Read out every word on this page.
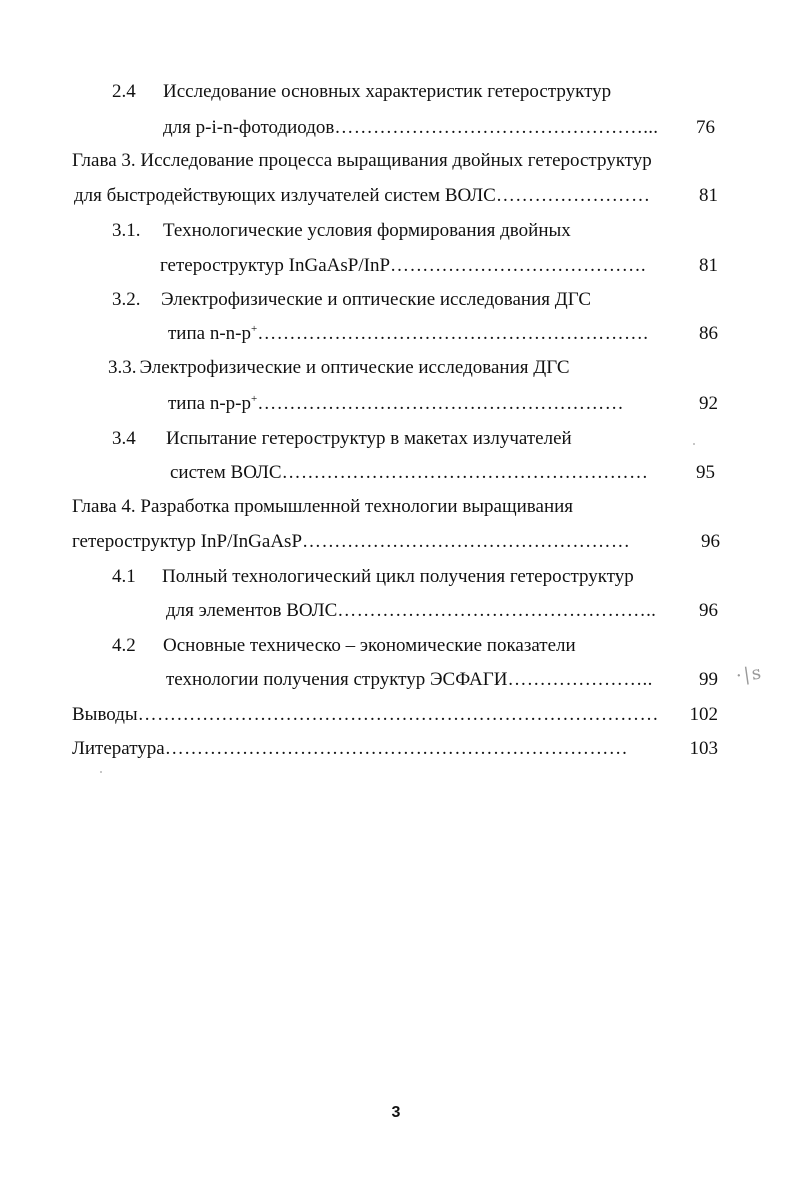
2.4 Исследование основных характеристик гетероструктур
для p-i-n-фотодиодов…………………………………………...	76
Глава 3. Исследование процесса выращивания двойных гетероструктур
для быстродействующих излучателей систем ВОЛС……………………	81
3.1. Технологические условия формирования двойных
гетероструктур InGaAsP/InP………………………………….	81
3.2. Электрофизические и оптические исследования ДГС
типа n-n-p+…………………………………………………….	86
3.3. Электрофизические и оптические исследования ДГС
типа n-p-p+…………………………………………………	92
3.4 Испытание гетероструктур в макетах излучателей
систем ВОЛС…………………………………………………	95
Глава 4. Разработка промышленной технологии выращивания
гетероструктур InP/InGaAsP……………………………………………	96
4.1 Полный технологический цикл получения гетероструктур
для элементов ВОЛС…………………………………………..	96
4.2 Основные техническо – экономические показатели
технологии получения структур ЭСФАГИ…………………..	99
Выводы………………………………………………………………………	102
Литература………………………………………………………………	103
·|ꜱ
3
